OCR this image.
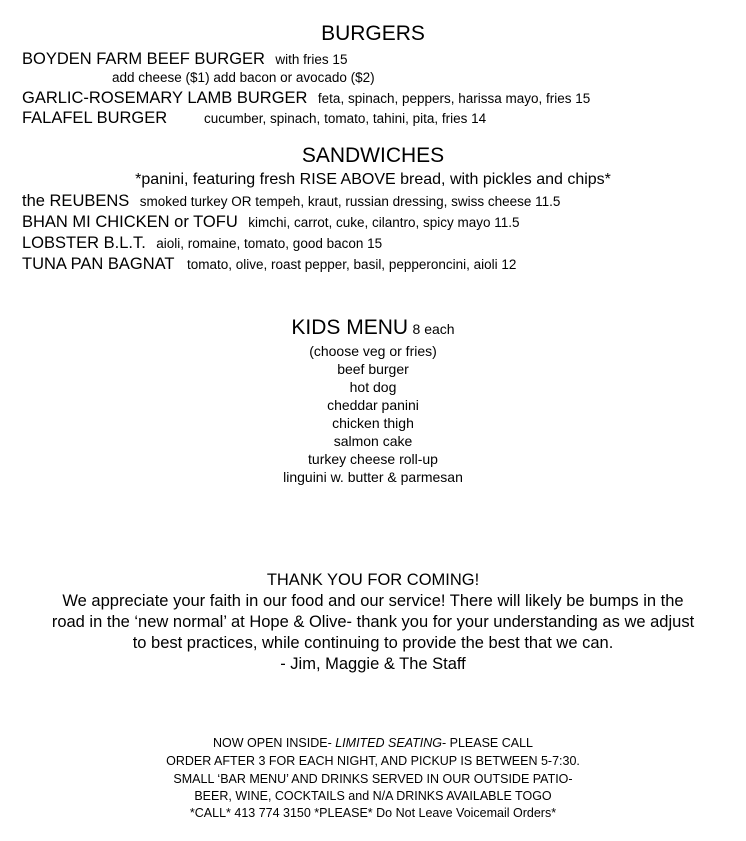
BURGERS
BOYDEN FARM BEEF BURGER with fries 15
add cheese ($1) add bacon or avocado ($2)
GARLIC-ROSEMARY LAMB BURGER feta, spinach, peppers, harissa mayo, fries 15
FALAFEL BURGER	cucumber, spinach, tomato, tahini, pita, fries 14
SANDWICHES
*panini, featuring fresh RISE ABOVE bread, with pickles and chips*
the REUBENS smoked turkey OR tempeh, kraut, russian dressing, swiss cheese 11.5
BHAN MI CHICKEN or TOFU kimchi, carrot, cuke, cilantro, spicy mayo 11.5
LOBSTER B.L.T. aioli, romaine, tomato, good bacon 15
TUNA PAN BAGNAT tomato, olive, roast pepper, basil, pepperoncini, aioli 12
KIDS MENU 8 each
(choose veg or fries)
beef burger
hot dog
cheddar panini
chicken thigh
salmon cake
turkey cheese roll-up
linguini w. butter & parmesan
THANK YOU FOR COMING!
We appreciate your faith in our food and our service! There will likely be bumps in the
road in the ‘new normal’ at Hope & Olive- thank you for your understanding as we adjust
to best practices, while continuing to provide the best that we can.
- Jim, Maggie & The Staff
NOW OPEN INSIDE- LIMITED SEATING- PLEASE CALL
ORDER AFTER 3 FOR EACH NIGHT, AND PICKUP IS BETWEEN 5-7:30.
SMALL ‘BAR MENU’ AND DRINKS SERVED IN OUR OUTSIDE PATIO-
BEER, WINE, COCKTAILS and N/A DRINKS AVAILABLE TOGO
*CALL* 413 774 3150 *PLEASE* Do Not Leave Voicemail Orders*
